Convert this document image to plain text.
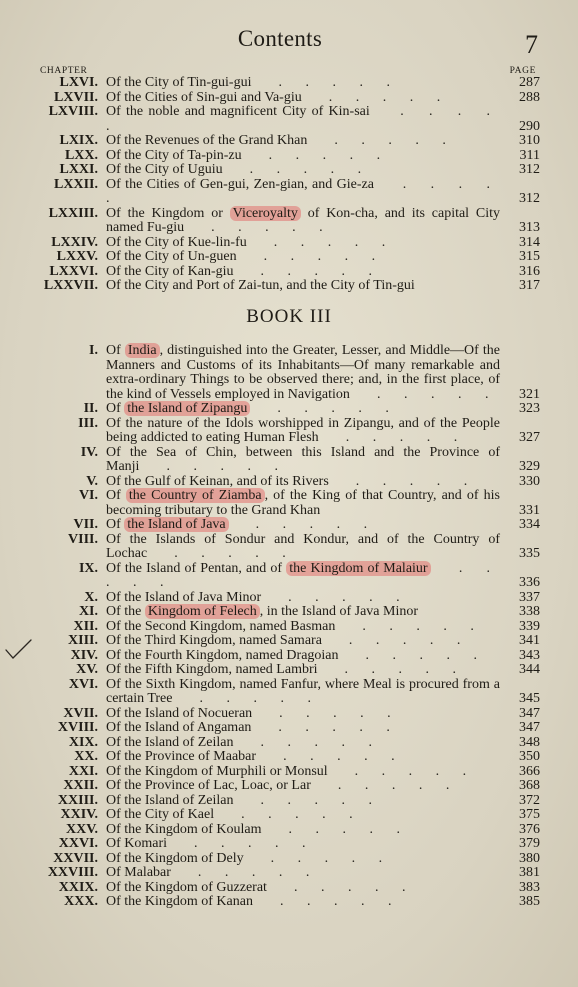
Contents	7
CHAPTER	PAGE
LXVI. Of the City of Tin-gui-gui  . . . . .	287
LXVII. Of the Cities of Sin-gui and Va-giu  . . . . .	288
LXVIII. Of the noble and magnificent City of Kin-sai  . . . . .	290
LXIX. Of the Revenues of the Grand Khan  . . . . .	310
LXX. Of the City of Ta-pin-zu  . . . . .	311
LXXI. Of the City of Uguiu  . . . . .	312
LXXII. Of the Cities of Gen-gui, Zen-gian, and Gie-za  . . . . .	312
LXXIII. Of the Kingdom or Viceroyalty of Kon-cha, and its capital City named Fu-giu  . . . . .	313
LXXIV. Of the City of Kue-lin-fu  . . . . .	314
LXXV. Of the City of Un-guen  . . . . .	315
LXXVI. Of the City of Kan-giu  . . . . .	316
LXXVII. Of the City and Port of Zai-tun, and the City of Tin-gui	317
BOOK III
I. Of India , distinguished into the Greater, Lesser, and Middle—Of the Manners and Customs of its Inhabitants—Of many remarkable and extra-ordinary Things to be observed there; and, in the first place, of the kind of Vessels employed in Navigation  . . . . .	321
II. Of the Island of Zipangu  . . . . .	323
III. Of the nature of the Idols worshipped in Zipangu, and of the People being addicted to eating Human Flesh  . . . . .	327
IV. Of the Sea of Chin, between this Island and the Province of Manji  . . . . .	329
V. Of the Gulf of Keinan, and of its Rivers  . . . . .	330
VI. Of the Country of Ziamba , of the King of that Country, and of his becoming tributary to the Grand Khan	331
VII. Of the Island of Java  . . . . .	334
VIII. Of the Islands of Sondur and Kondur, and of the Country of Lochac  . . . . .	335
IX. Of the Island of Pentan, and of the Kingdom of Malaiur  . . . . .	336
X. Of the Island of Java Minor  . . . . .	337
XI. Of the Kingdom of Felech , in the Island of Java Minor	338
XII. Of the Second Kingdom, named Basman  . . . . .	339
XIII. Of the Third Kingdom, named Samara  . . . . .	341
XIV. Of the Fourth Kingdom, named Dragoian  . . . . .	343
XV. Of the Fifth Kingdom, named Lambri  . . . . .	344
XVI. Of the Sixth Kingdom, named Fanfur, where Meal is procured from a certain Tree  . . . . .	345
XVII. Of the Island of Nocueran  . . . . .	347
XVIII. Of the Island of Angaman  . . . . .	347
XIX. Of the Island of Zeilan  . . . . .	348
XX. Of the Province of Maabar  . . . . .	350
XXI. Of the Kingdom of Murphili or Monsul  . . . . .	366
XXII. Of the Province of Lac, Loac, or Lar  . . . . .	368
XXIII. Of the Island of Zeilan  . . . . .	372
XXIV. Of the City of Kael  . . . . .	375
XXV. Of the Kingdom of Koulam  . . . . .	376
XXVI. Of Komari  . . . . .	379
XXVII. Of the Kingdom of Dely  . . . . .	380
XXVIII. Of Malabar  . . . . .	381
XXIX. Of the Kingdom of Guzzerat  . . . . .	383
XXX. Of the Kingdom of Kanan  . . . . .	385
